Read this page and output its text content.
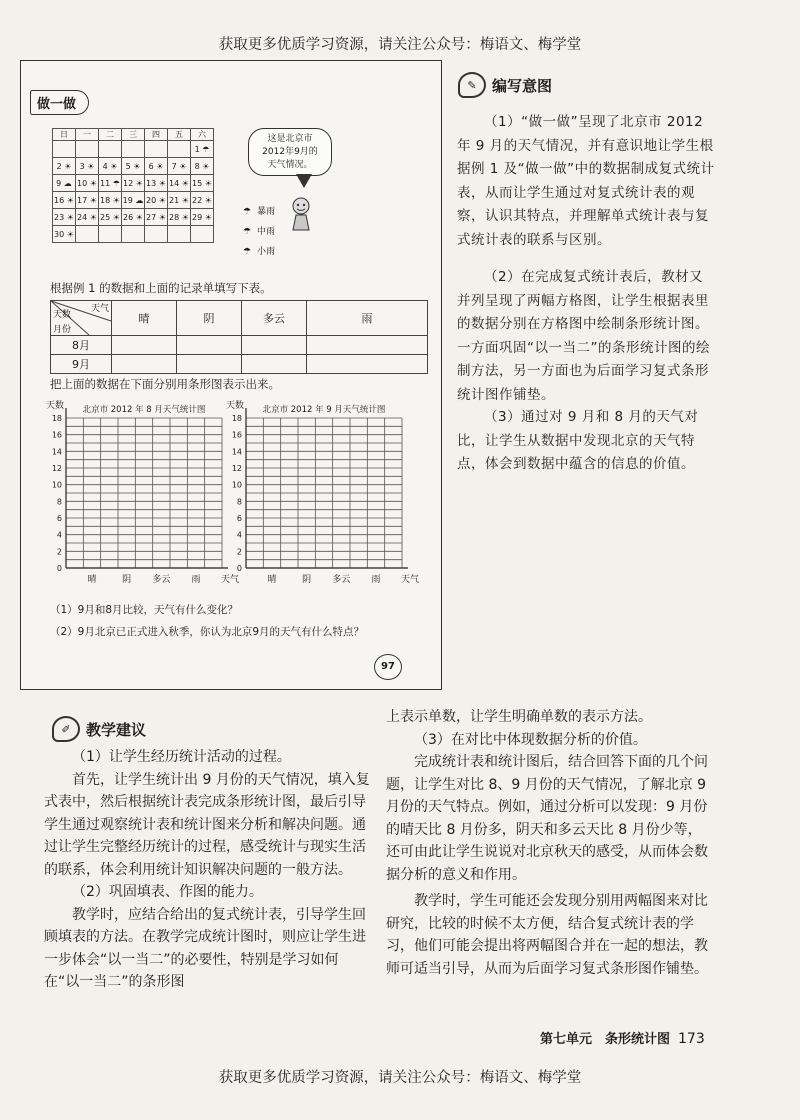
获取更多优质学习资源，请关注公众号：梅语文、梅学堂
做一做
日	一	二	三	四	五	六
						1 ☂
2 ☀	3 ☀	4 ☀	5 ☀	6 ☀	7 ☀	8 ☀
9 ☁	10 ☀	11 ☂	12 ☀	13 ☀	14 ☀	15 ☀
16 ☀	17 ☀	18 ☀	19 ☁	20 ☀	21 ☀	22 ☀
23 ☀	24 ☀	25 ☀	26 ☀	27 ☀	28 ☀	29 ☀
30 ☀						
这是北京市
2012年9月的
天气情况。
☂ 暴雨
☂ 中雨
☂ 小雨
根据例 1 的数据和上面的记录单填写下表。
天气
天数
月份	晴	阴	多云	雨
8月				
9月				
把上面的数据在下面分别用条形图表示出来。
0
2
4
6
8
10
12
14
16
18
晴	阴 多云 雨 天气
天数 北京市 2012 年 8 月天气统计图
0
2
4
6
8
10
12
14
16
18
晴	阴 多云 雨 天气
天数 北京市 2012 年 9 月天气统计图
（1）9月和8月比较，天气有什么变化？
（2）9月北京已正式进入秋季，你认为北京9月的天气有什么特点？
97
✎	编写意图
（1）“做一做”呈现了北京市 2012 年 9 月的天气情况，并有意识地让学生根据例 1 及“做一做”中的数据制成复式统计表，从而让学生通过对复式统计表的观察，认识其特点，并理解单式统计表与复式统计表的联系与区别。
（2）在完成复式统计表后，教材又并列呈现了两幅方格图，让学生根据表里的数据分别在方格图中绘制条形统计图。一方面巩固“以一当二”的条形统计图的绘制方法，另一方面也为后面学习复式条形统计图作铺垫。
（3）通过对 9 月和 8 月的天气对比，让学生从数据中发现北京的天气特点，体会到数据中蕴含的信息的价值。
✐	教学建议

（1）让学生经历统计活动的过程。

首先，让学生统计出 9 月份的天气情况，填入复式表中，然后根据统计表完成条形统计图，最后引导学生通过观察统计表和统计图来分析和解决问题。通过让学生完整经历统计的过程，感受统计与现实生活的联系，体会利用统计知识解决问题的一般方法。

（2）巩固填表、作图的能力。

教学时，应结合给出的复式统计表，引导学生回顾填表的方法。在教学完成统计图时，则应让学生进一步体会“以一当二”的必要性，特别是学习如何在“以一当二”的条形图

上表示单数，让学生明确单数的表示方法。

（3）在对比中体现数据分析的价值。

完成统计表和统计图后，结合回答下面的几个问题，让学生对比 8、9 月份的天气情况，了解北京 9 月份的天气特点。例如，通过分析可以发现：9 月份的晴天比 8 月份多，阴天和多云天比 8 月份少等，还可由此让学生说说对北京秋天的感受，从而体会数据分析的意义和作用。

教学时，学生可能还会发现分别用两幅图来对比研究，比较的时候不太方便，结合复式统计表的学习，他们可能会提出将两幅图合并在一起的想法，教师可适当引导，从而为后面学习复式条形图作铺垫。

第七单元　条形统计图 173
获取更多优质学习资源，请关注公众号：梅语文、梅学堂
